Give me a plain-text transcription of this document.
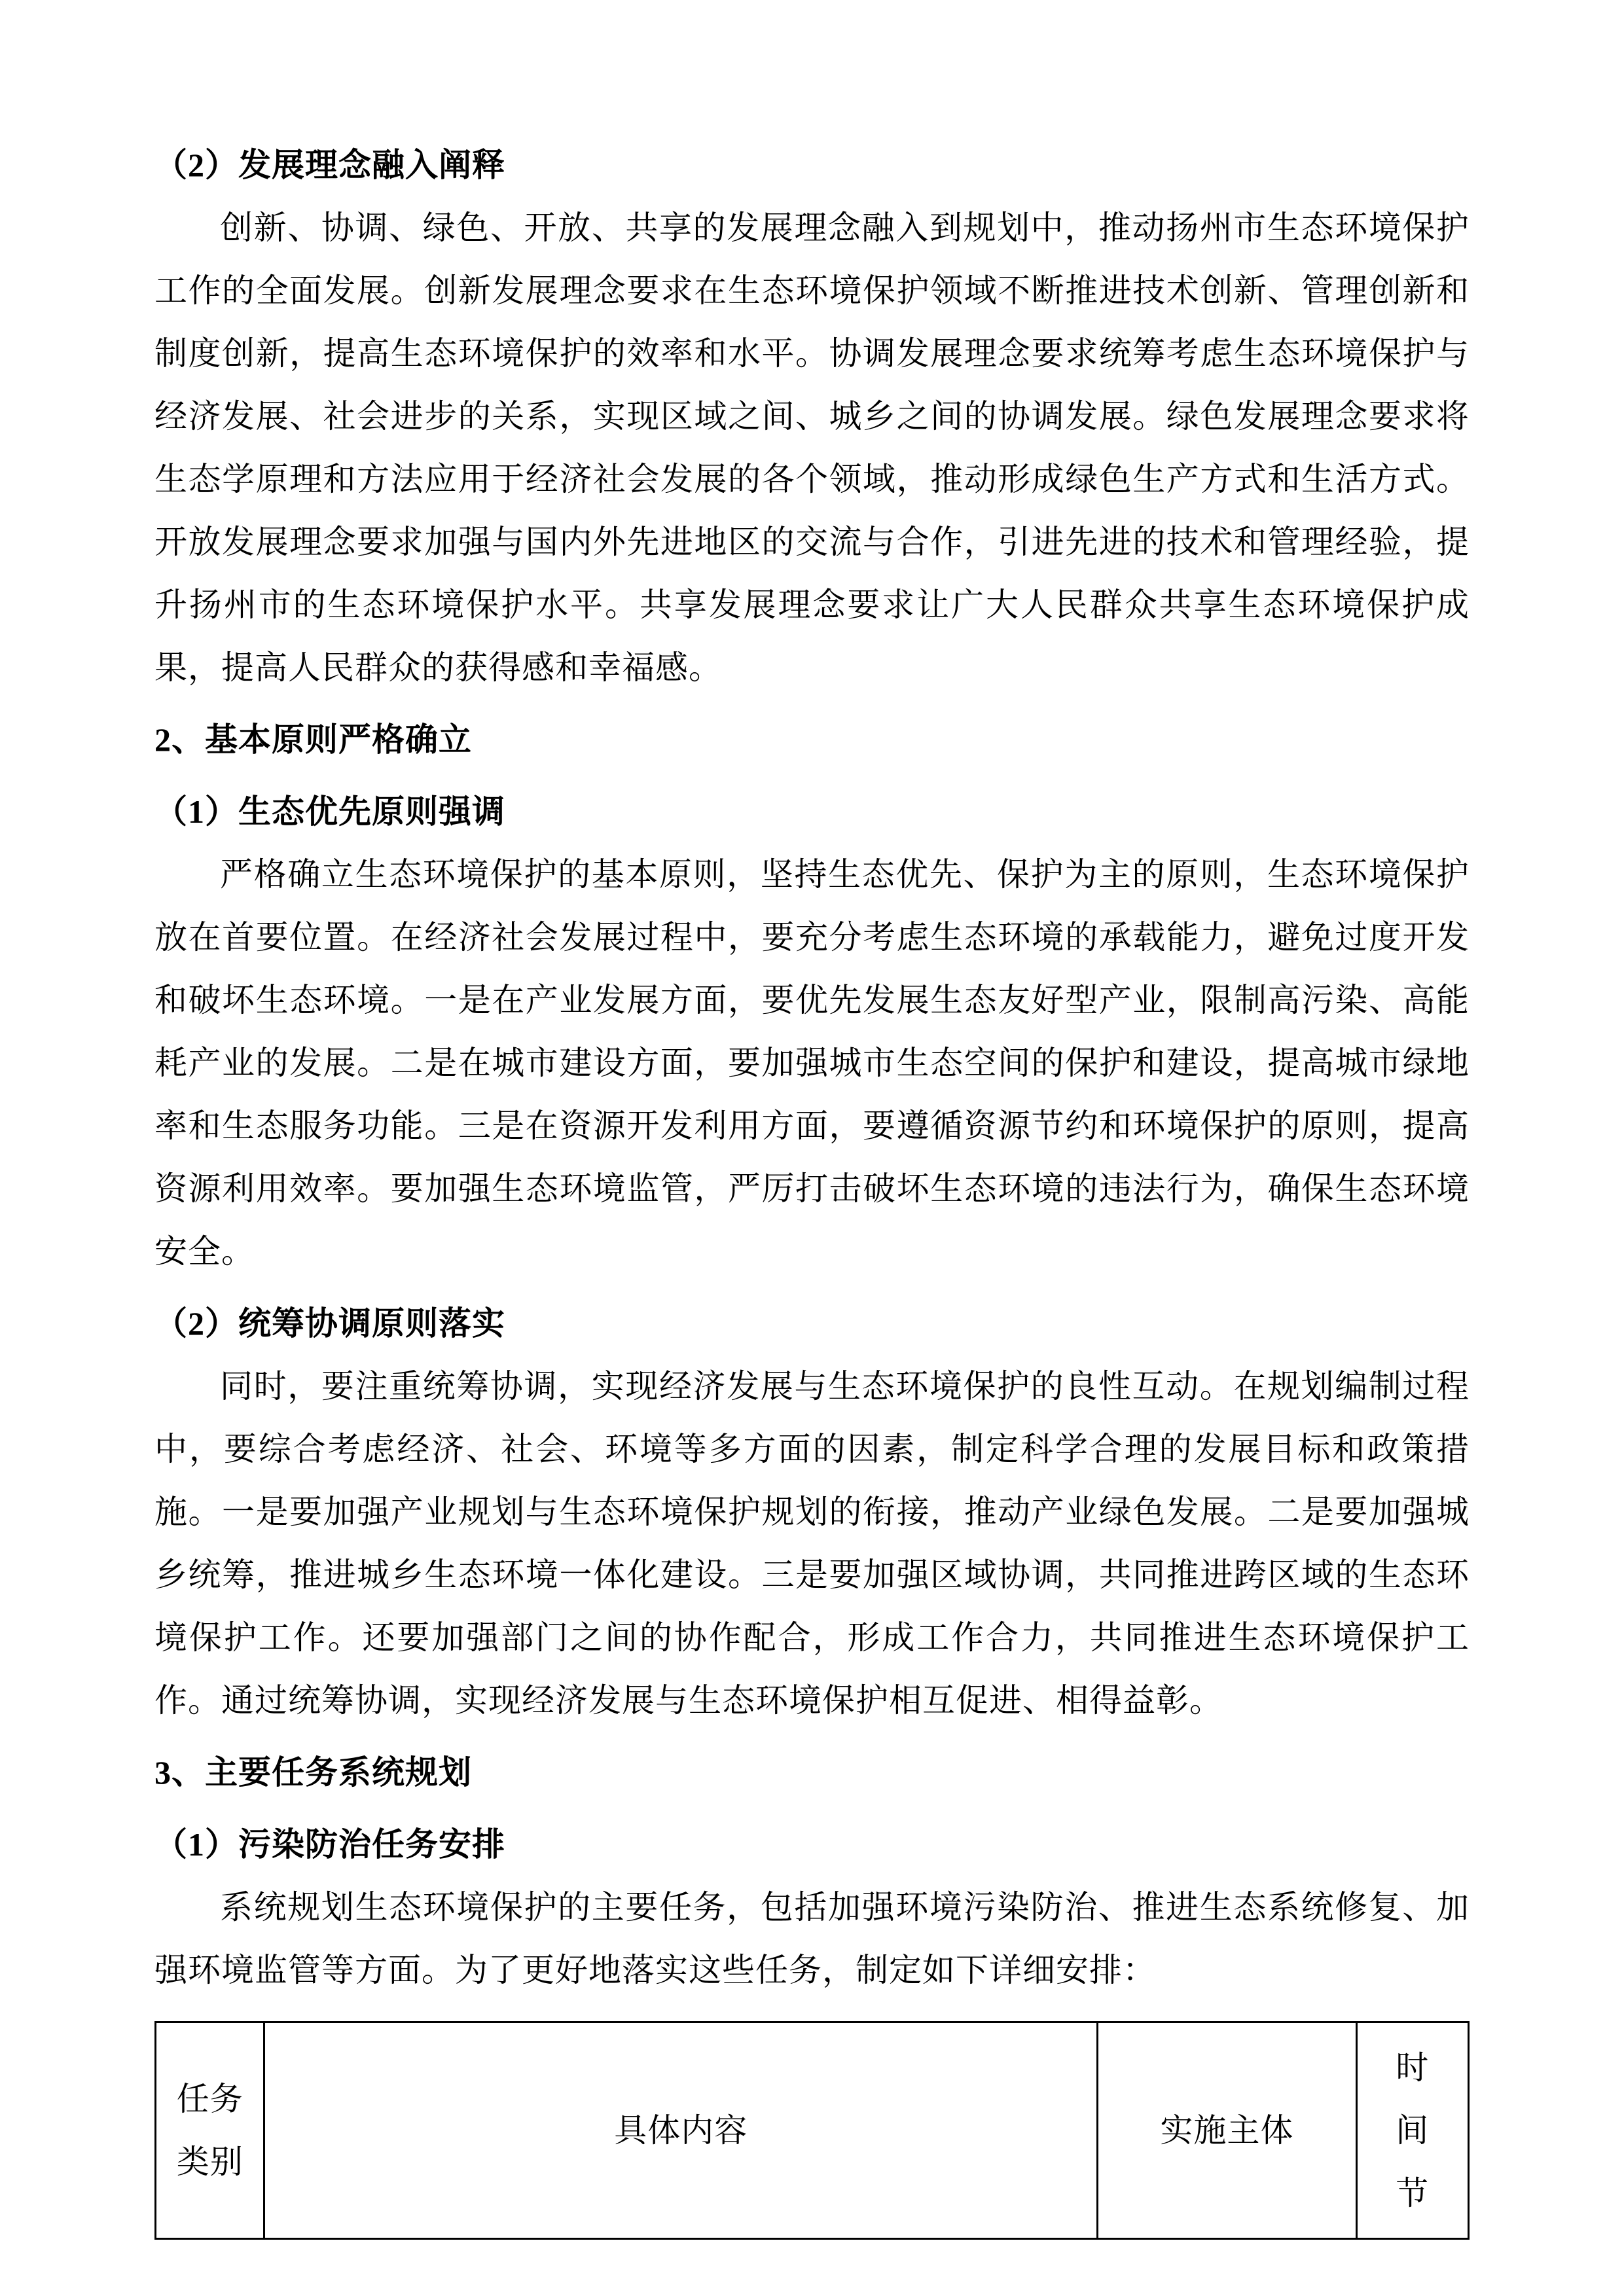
（2）发展理念融入阐释

创新、协调、绿色、开放、共享的发展理念融入到规划中，推动扬州市生态环境保护工作的全面发展。创新发展理念要求在生态环境保护领域不断推进技术创新、管理创新和制度创新，提高生态环境保护的效率和水平。协调发展理念要求统筹考虑生态环境保护与经济发展、社会进步的关系，实现区域之间、城乡之间的协调发展。绿色发展理念要求将生态学原理和方法应用于经济社会发展的各个领域，推动形成绿色生产方式和生活方式。开放发展理念要求加强与国内外先进地区的交流与合作，引进先进的技术和管理经验，提升扬州市的生态环境保护水平。共享发展理念要求让广大人民群众共享生态环境保护成果，提高人民群众的获得感和幸福感。

2、基本原则严格确立
（1）生态优先原则强调

严格确立生态环境保护的基本原则，坚持生态优先、保护为主的原则，生态环境保护放在首要位置。在经济社会发展过程中，要充分考虑生态环境的承载能力，避免过度开发和破坏生态环境。一是在产业发展方面，要优先发展生态友好型产业，限制高污染、高能耗产业的发展。二是在城市建设方面，要加强城市生态空间的保护和建设，提高城市绿地率和生态服务功能。三是在资源开发利用方面，要遵循资源节约和环境保护的原则，提高资源利用效率。要加强生态环境监管，严厉打击破坏生态环境的违法行为，确保生态环境安全。

（2）统筹协调原则落实

同时，要注重统筹协调，实现经济发展与生态环境保护的良性互动。在规划编制过程中，要综合考虑经济、社会、环境等多方面的因素，制定科学合理的发展目标和政策措施。一是要加强产业规划与生态环境保护规划的衔接，推动产业绿色发展。二是要加强城乡统筹，推进城乡生态环境一体化建设。三是要加强区域协调，共同推进跨区域的生态环境保护工作。还要加强部门之间的协作配合，形成工作合力，共同推进生态环境保护工作。通过统筹协调，实现经济发展与生态环境保护相互促进、相得益彰。

3、主要任务系统规划
（1）污染防治任务安排

系统规划生态环境保护的主要任务，包括加强环境污染防治、推进生态系统修复、加强环境监管等方面。为了更好地落实这些任务，制定如下详细安排：

任务类别	具体内容	实施主体	时间节
